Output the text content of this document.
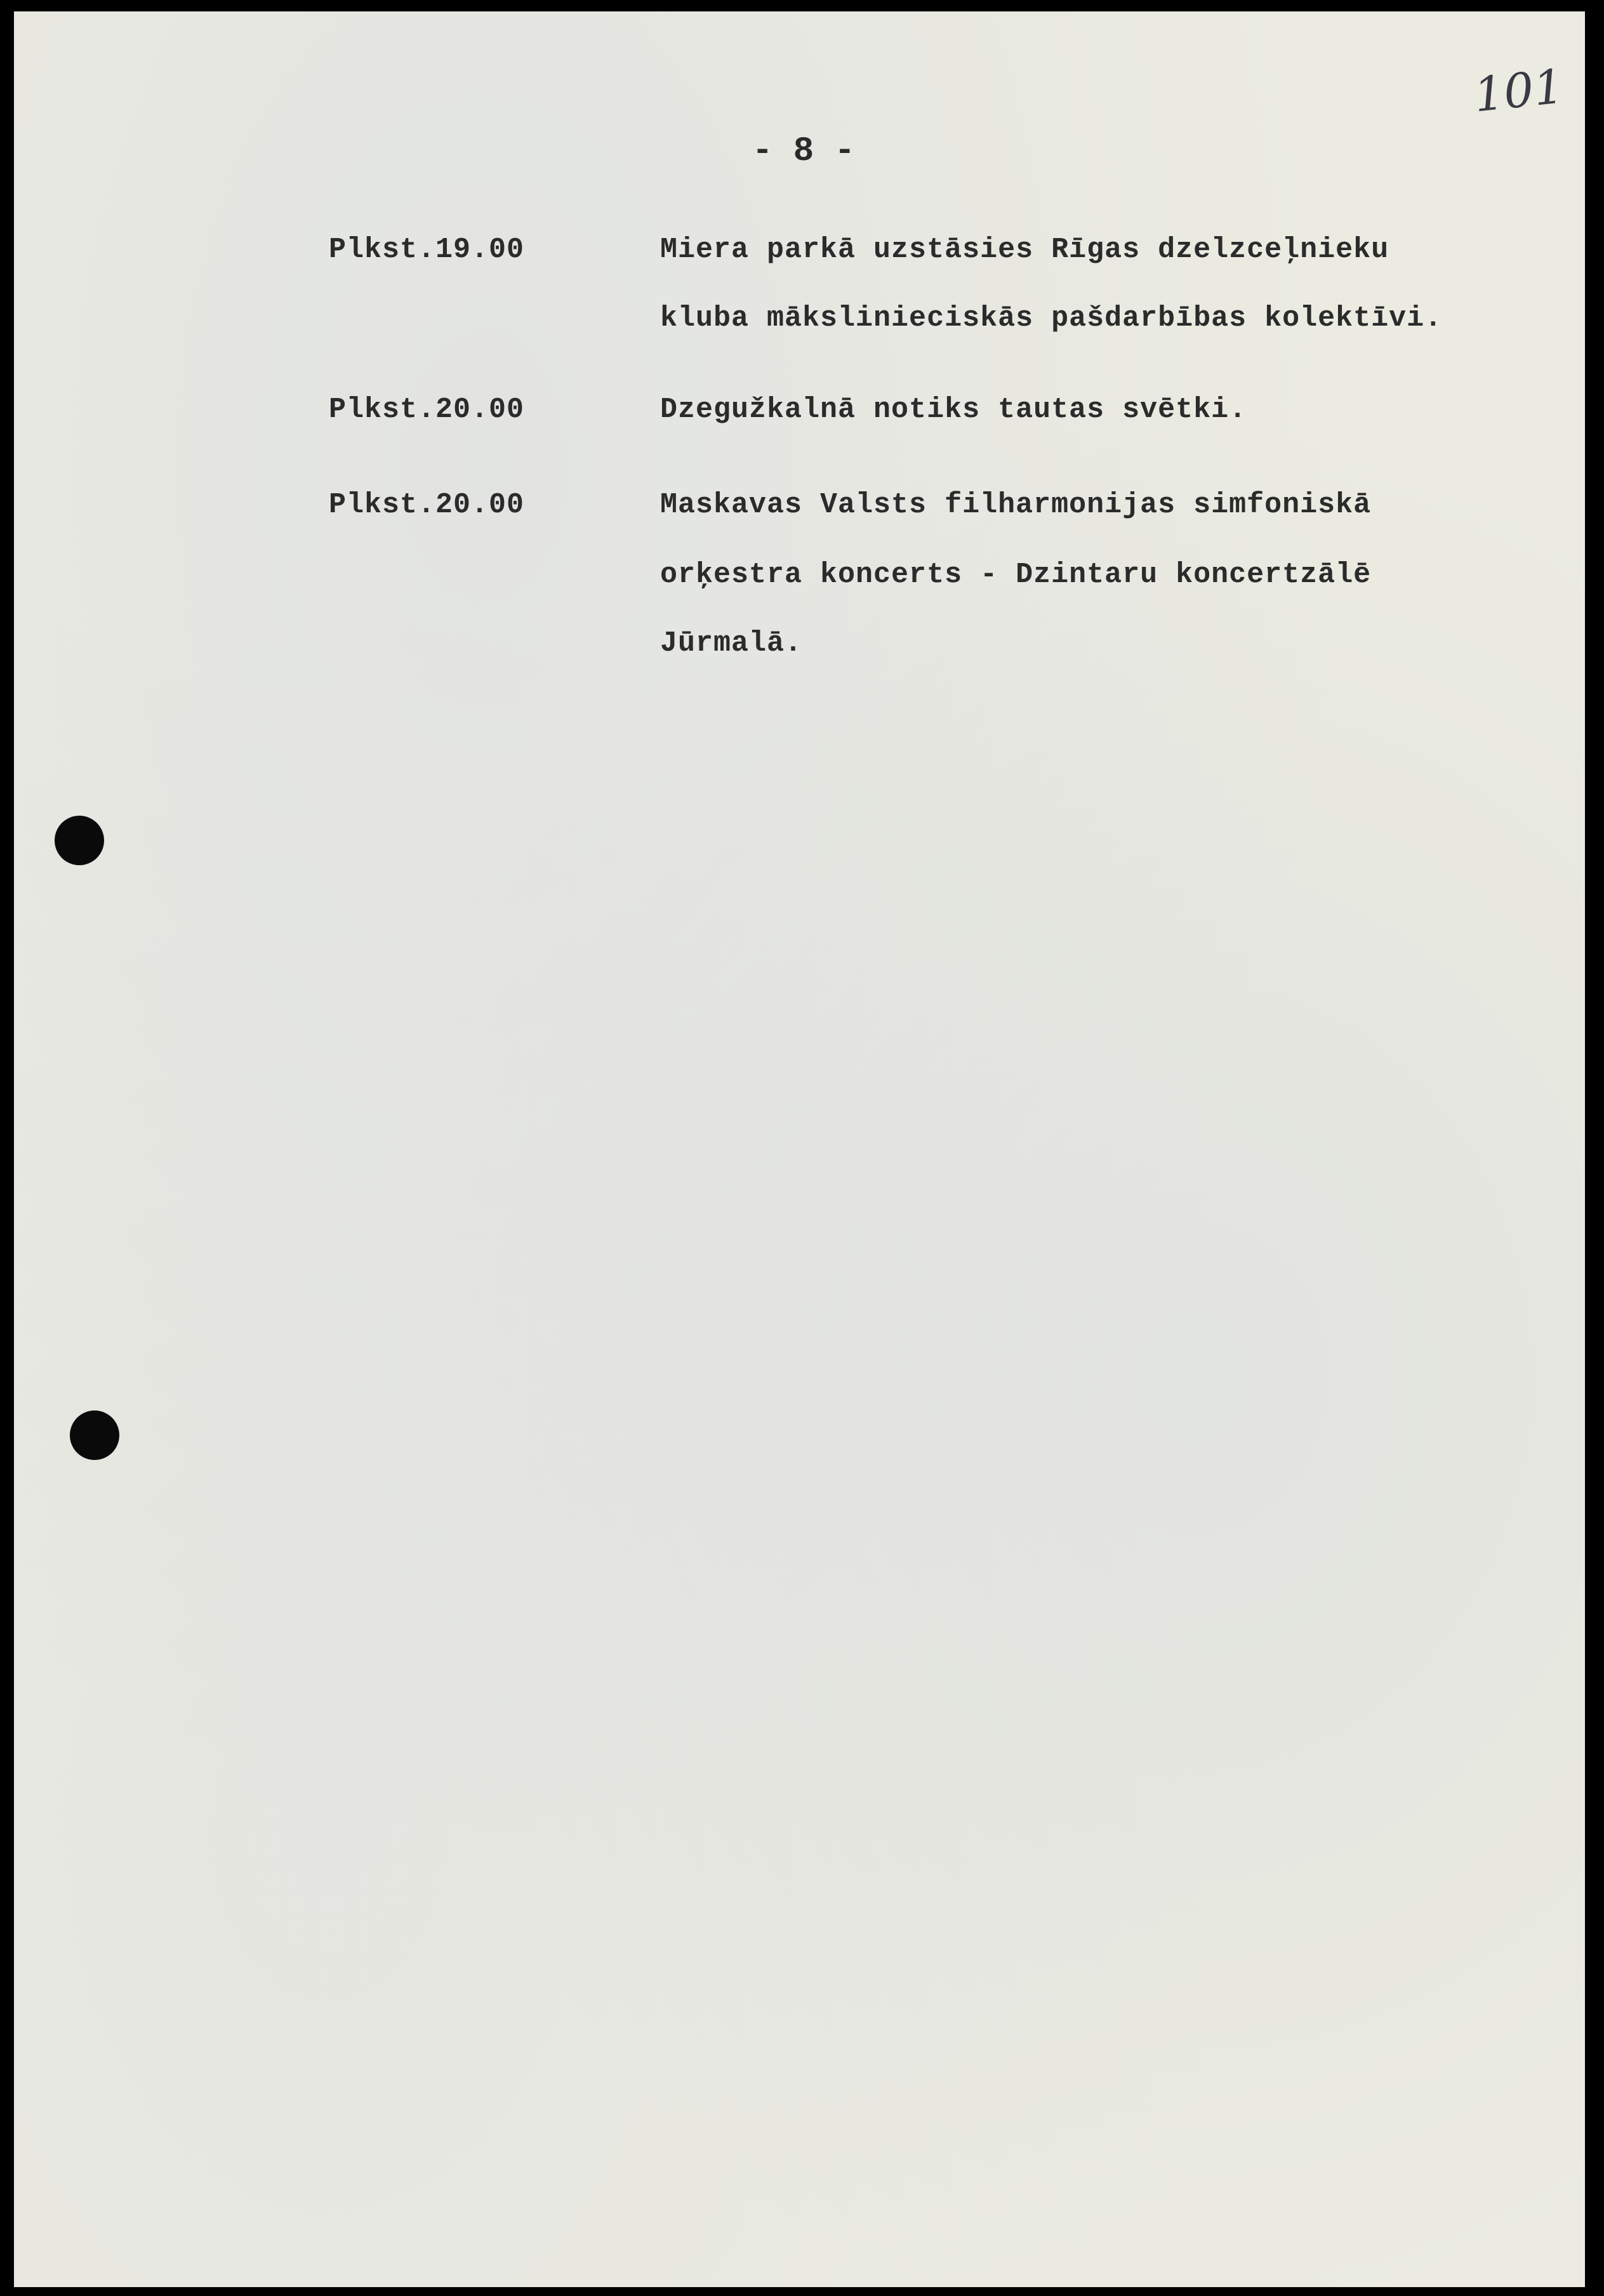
101
- 8 -
Plkst.19.00	Miera parkā uzstāsies Rīgas dzelzceļnieku
kluba mākslinieciskās pašdarbības kolektīvi.
Plkst.20.00	Dzegužkalnā notiks tautas svētki.
Plkst.20.00	Maskavas Valsts filharmonijas simfoniskā
orķestra koncerts - Dzintaru koncertzālē
Jūrmalā.
